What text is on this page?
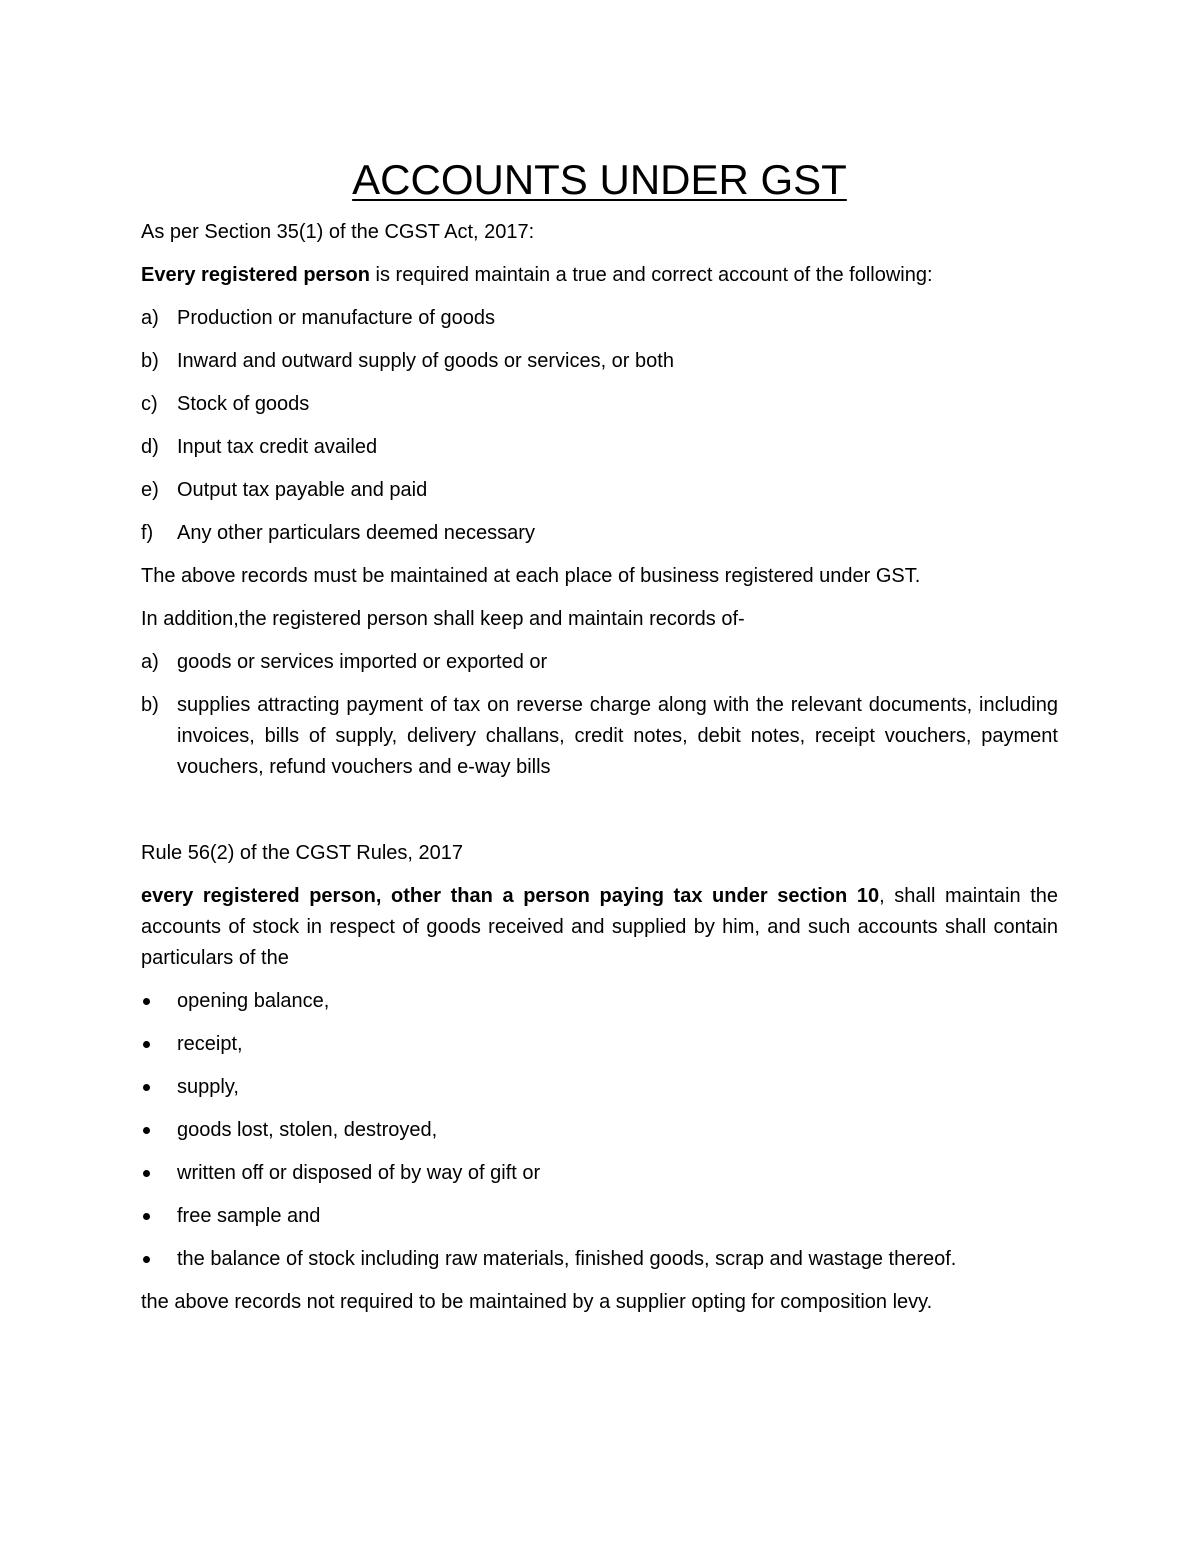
ACCOUNTS UNDER GST

As per Section 35(1) of the CGST Act, 2017:

Every registered person is required maintain a true and correct account of the following:

a) Production or manufacture of goods
b) Inward and outward supply of goods or services, or both
c) Stock of goods
d) Input tax credit availed
e) Output tax payable and paid
f)	Any other particulars deemed necessary

The above records must be maintained at each place of business registered under GST.

In addition,the registered person shall keep and maintain records of-

a) goods or services imported or exported or
b) supplies attracting payment of tax on reverse charge along with the relevant documents, including invoices, bills of supply, delivery challans, credit notes, debit notes, receipt vouchers, payment vouchers, refund vouchers and e-way bills

Rule 56(2) of the CGST Rules, 2017

every registered person, other than a person paying tax under section 10, shall maintain the accounts of stock in respect of goods received and supplied by him, and such accounts shall contain particulars of the

opening balance,
receipt,
supply,
goods lost, stolen, destroyed,
written off or disposed of by way of gift or
free sample and
the balance of stock including raw materials, finished goods, scrap and wastage thereof.

the above records not required to be maintained by a supplier opting for composition levy.
